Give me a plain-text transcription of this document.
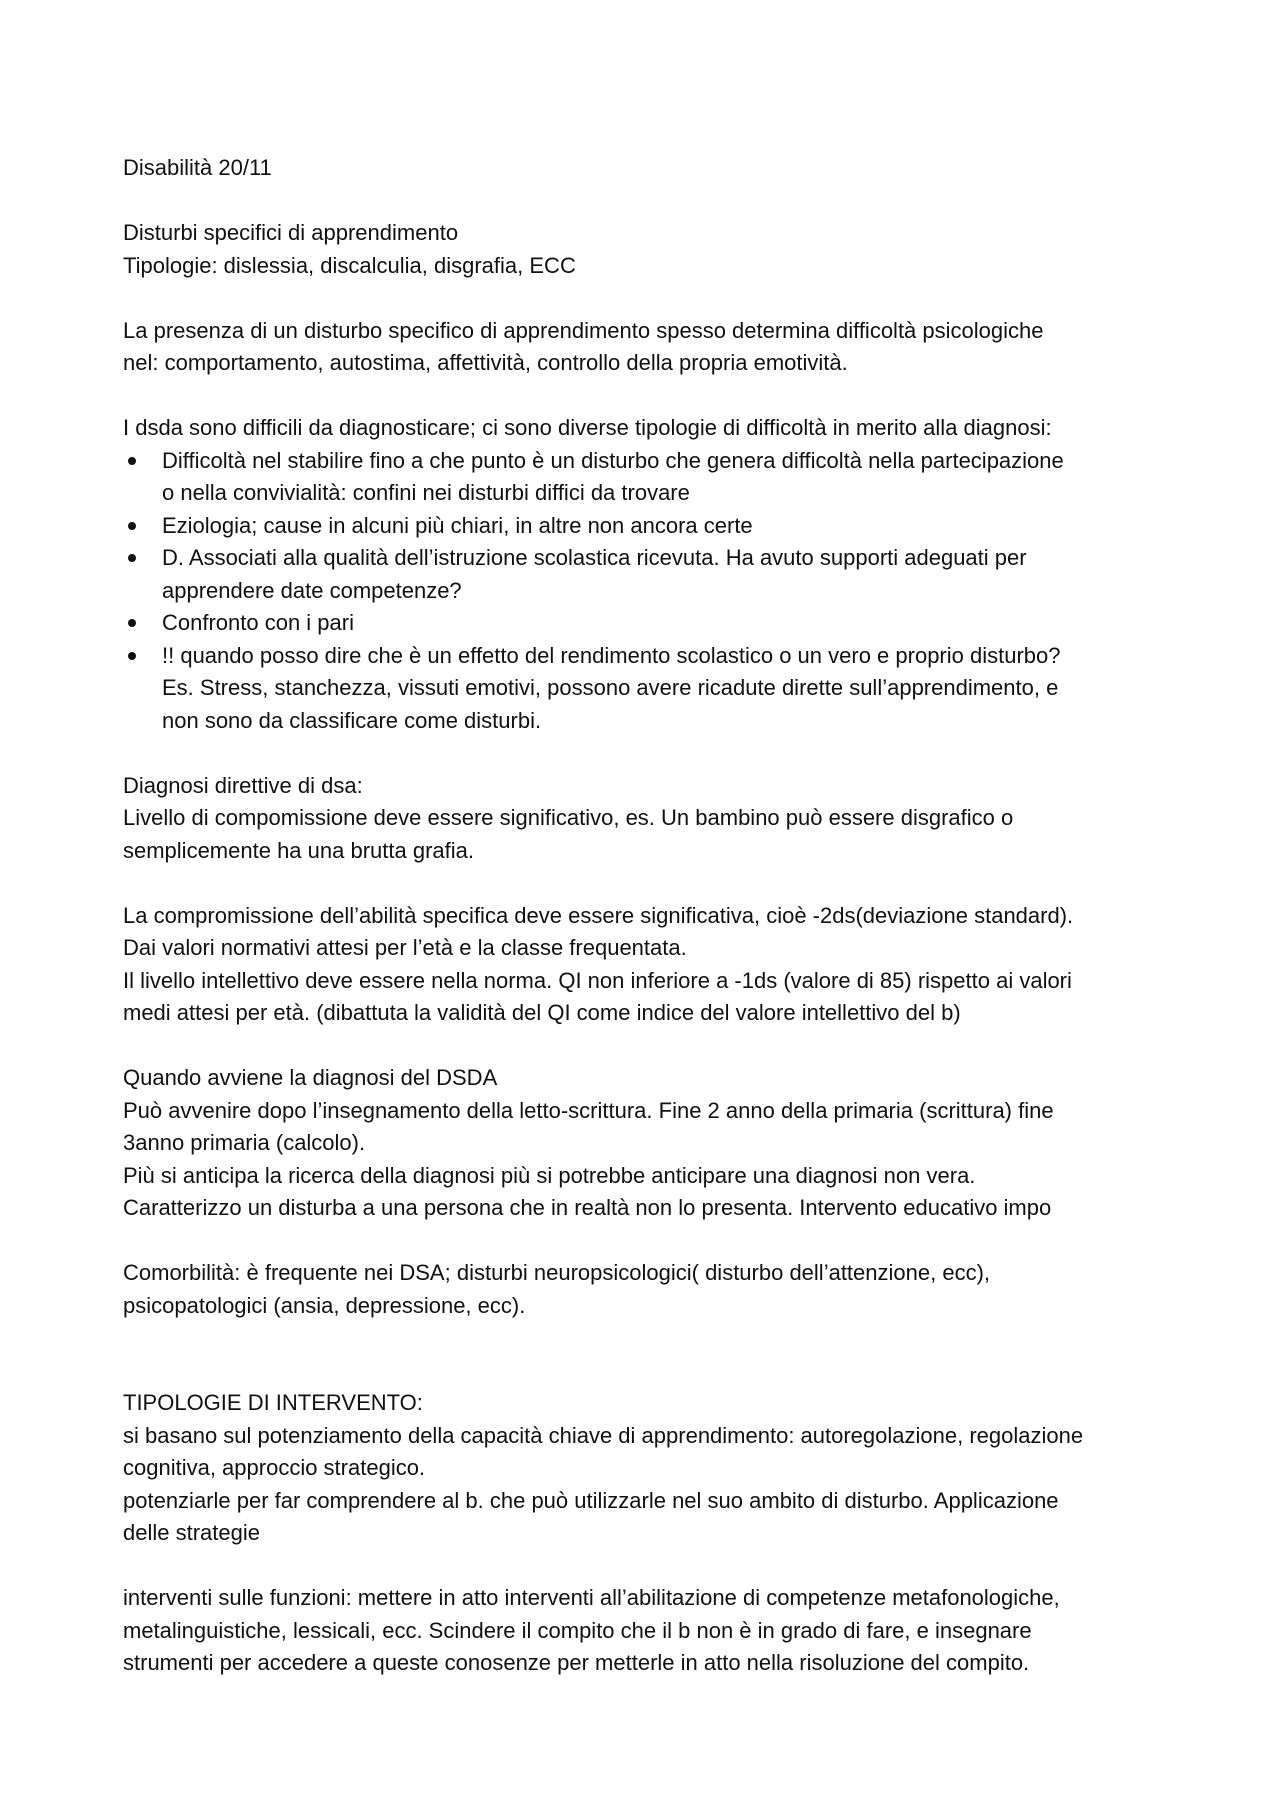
Disabilità 20/11
Disturbi specifici di apprendimento
Tipologie: dislessia, discalculia, disgrafia, ECC
La presenza di un disturbo specifico di apprendimento spesso determina difficoltà psicologiche
nel: comportamento, autostima, affettività, controllo della propria emotività.
I dsda sono difficili da diagnosticare; ci sono diverse tipologie di difficoltà in merito alla diagnosi:
Difficoltà nel stabilire fino a che punto è un disturbo che genera difficoltà nella partecipazione
o nella convivialità: confini nei disturbi diffici da trovare
Eziologia; cause in alcuni più chiari, in altre non ancora certe
D. Associati alla qualità dell’istruzione scolastica ricevuta. Ha avuto supporti adeguati per
apprendere date competenze?
Confronto con i pari
!! quando posso dire che è un effetto del rendimento scolastico o un vero e proprio disturbo?
Es. Stress, stanchezza, vissuti emotivi, possono avere ricadute dirette sull’apprendimento, e
non sono da classificare come disturbi.
Diagnosi direttive di dsa:
Livello di compomissione deve essere significativo, es. Un bambino può essere disgrafico o
semplicemente ha una brutta grafia.
La compromissione dell’abilità specifica deve essere significativa, cioè -2ds(deviazione standard).
Dai valori normativi attesi per l’età e la classe frequentata.
Il livello intellettivo deve essere nella norma. QI non inferiore a -1ds (valore di 85) rispetto ai valori
medi attesi per età. (dibattuta la validità del QI come indice del valore intellettivo del b)
Quando avviene la diagnosi del DSDA
Può avvenire dopo l’insegnamento della letto-scrittura. Fine 2 anno della primaria (scrittura) fine
3anno primaria (calcolo).
Più si anticipa la ricerca della diagnosi più si potrebbe anticipare una diagnosi non vera.
Caratterizzo un disturba a una persona che in realtà non lo presenta. Intervento educativo impo
Comorbilità: è frequente nei DSA; disturbi neuropsicologici( disturbo dell’attenzione, ecc),
psicopatologici (ansia, depressione, ecc).
TIPOLOGIE DI INTERVENTO:
si basano sul potenziamento della capacità chiave di apprendimento: autoregolazione, regolazione
cognitiva, approccio strategico.
potenziarle per far comprendere al b. che può utilizzarle nel suo ambito di disturbo. Applicazione
delle strategie
interventi sulle funzioni: mettere in atto interventi all’abilitazione di competenze metafonologiche,
metalinguistiche, lessicali, ecc. Scindere il compito che il b non è in grado di fare, e insegnare
strumenti per accedere a queste conosenze per metterle in atto nella risoluzione del compito.
